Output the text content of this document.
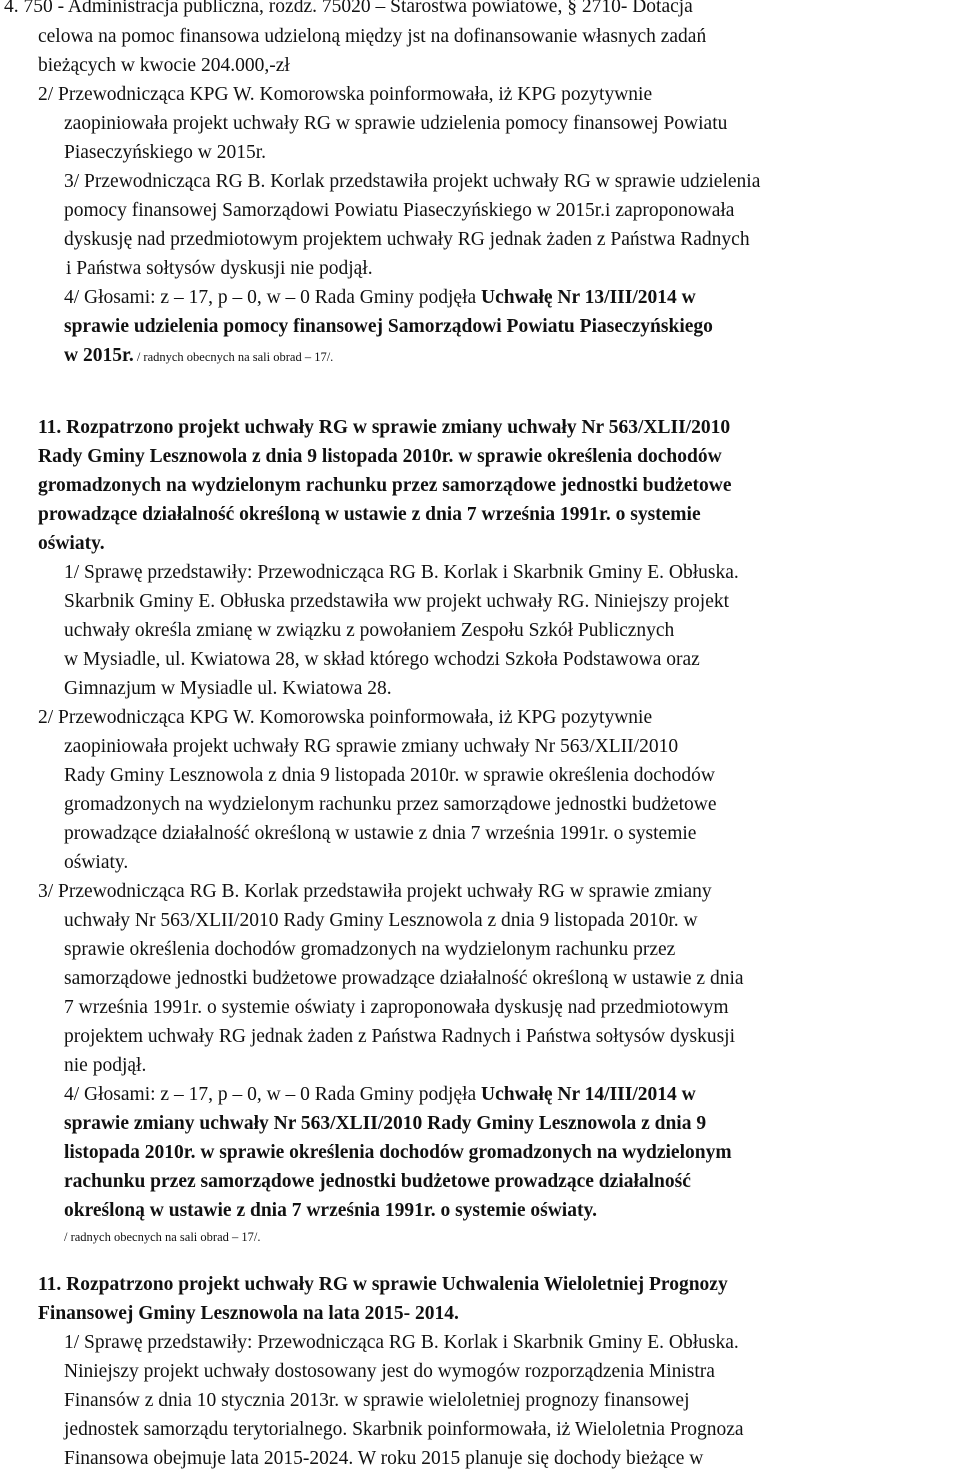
4. 750 - Administracja publiczna, rozdz. 75020 – Starostwa powiatowe, § 2710- Dotacja
celowa na pomoc finansowa udzieloną między jst na dofinansowanie własnych zadań
bieżących w kwocie 204.000,-zł
2/ Przewodnicząca KPG W. Komorowska poinformowała, iż KPG pozytywnie
zaopiniowała projekt uchwały RG w sprawie udzielenia pomocy finansowej Powiatu
Piaseczyńskiego w 2015r.
3/ Przewodnicząca RG B. Korlak przedstawiła projekt uchwały RG w sprawie udzielenia
pomocy finansowej Samorządowi Powiatu Piaseczyńskiego w 2015r.i zaproponowała
dyskusję nad przedmiotowym projektem uchwały RG jednak żaden z Państwa Radnych
i Państwa sołtysów dyskusji nie podjął.
4/ Głosami: z – 17, p – 0, w – 0 Rada Gminy podjęła Uchwałę Nr 13/III/2014 w
sprawie udzielenia pomocy finansowej Samorządowi Powiatu Piaseczyńskiego
w 2015r. / radnych obecnych na sali obrad – 17/.
11. Rozpatrzono projekt uchwały RG w sprawie zmiany uchwały Nr 563/XLII/2010
Rady Gminy Lesznowola z dnia 9 listopada 2010r. w sprawie określenia dochodów
gromadzonych na wydzielonym rachunku przez samorządowe jednostki budżetowe
prowadzące działalność określoną w ustawie z dnia 7 września 1991r. o systemie
oświaty.
1/ Sprawę przedstawiły: Przewodnicząca RG B. Korlak i Skarbnik Gminy E. Obłuska.
Skarbnik Gminy E. Obłuska przedstawiła ww projekt uchwały RG. Niniejszy projekt
uchwały określa zmianę w związku z powołaniem Zespołu Szkół Publicznych
w Mysiadle, ul. Kwiatowa 28, w skład którego wchodzi Szkoła Podstawowa oraz
Gimnazjum w Mysiadle ul. Kwiatowa 28.
2/ Przewodnicząca KPG W. Komorowska poinformowała, iż KPG pozytywnie
zaopiniowała projekt uchwały RG sprawie zmiany uchwały Nr 563/XLII/2010
Rady Gminy Lesznowola z dnia 9 listopada 2010r. w sprawie określenia dochodów
gromadzonych na wydzielonym rachunku przez samorządowe jednostki budżetowe
prowadzące działalność określoną w ustawie z dnia 7 września 1991r. o systemie
oświaty.
3/ Przewodnicząca RG B. Korlak przedstawiła projekt uchwały RG w sprawie zmiany
uchwały Nr 563/XLII/2010 Rady Gminy Lesznowola z dnia 9 listopada 2010r. w
sprawie określenia dochodów gromadzonych na wydzielonym rachunku przez
samorządowe jednostki budżetowe prowadzące działalność określoną w ustawie z dnia
7 września 1991r. o systemie oświaty i zaproponowała dyskusję nad przedmiotowym
projektem uchwały RG jednak żaden z Państwa Radnych i Państwa sołtysów dyskusji
nie podjął.
4/ Głosami: z – 17, p – 0, w – 0 Rada Gminy podjęła Uchwałę Nr 14/III/2014 w
sprawie zmiany uchwały Nr 563/XLII/2010 Rady Gminy Lesznowola z dnia 9
listopada 2010r. w sprawie określenia dochodów gromadzonych na wydzielonym
rachunku przez samorządowe jednostki budżetowe prowadzące działalność
określoną w ustawie z dnia 7 września 1991r. o systemie oświaty.
/ radnych obecnych na sali obrad – 17/.
11. Rozpatrzono projekt uchwały RG w sprawie Uchwalenia Wieloletniej Prognozy
Finansowej Gminy Lesznowola na lata 2015- 2014.
1/ Sprawę przedstawiły: Przewodnicząca RG B. Korlak i Skarbnik Gminy E. Obłuska.
Niniejszy projekt uchwały dostosowany jest do wymogów rozporządzenia Ministra
Finansów z dnia 10 stycznia 2013r. w sprawie wieloletniej prognozy finansowej
jednostek samorządu terytorialnego. Skarbnik poinformowała, iż Wieloletnia Prognoza
Finansowa obejmuje lata 2015-2024. W roku 2015 planuje się dochody bieżące w
